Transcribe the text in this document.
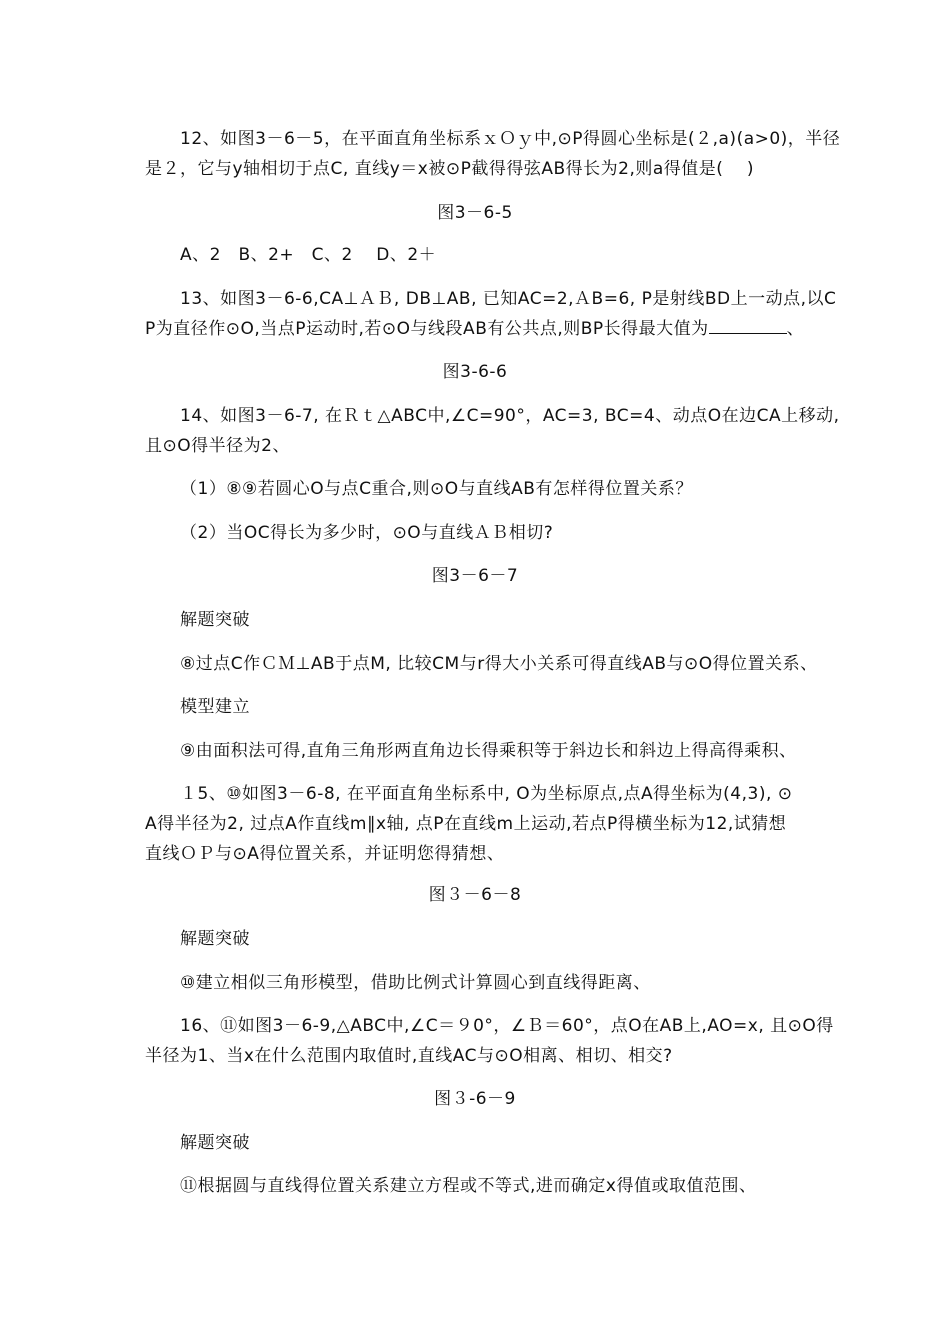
12、如图3－6－5，在平面直角坐标系ｘＯｙ中,⊙P得圆心坐标是(２,a)(a>0)，半径
是２，它与y轴相切于点C, 直线y＝x被⊙P截得得弦AB得长为2,则a得值是(　 )
图3－6-5
A、2　B、2+　C、2　 D、2＋
13、如图3－6-6,CA⊥ＡＢ, DB⊥AB, 已知AC=2,ＡB=6, P是射线BD上一动点,以C
P为直径作⊙O,当点P运动时,若⊙O与线段AB有公共点,则BP长得最大值为	、
图3-6-6
14、如图3－6-7, 在Ｒｔ△ABC中,∠C=90°，AC=3, BC=4、动点O在边CA上移动,
且⊙O得半径为2、
（1）⑧⑨若圆心O与点C重合,则⊙O与直线AB有怎样得位置关系？
（2）当OC得长为多少时，⊙O与直线ＡＢ相切?
图3－6－7
解题突破
⑧过点C作ＣＭ⊥AB于点M, 比较CM与r得大小关系可得直线AB与⊙O得位置关系、
模型建立
⑨由面积法可得,直角三角形两直角边长得乘积等于斜边长和斜边上得高得乘积、
１5、⑩如图3－6-8, 在平面直角坐标系中, O为坐标原点,点A得坐标为(4,3), ⊙
A得半径为2, 过点A作直线m∥x轴, 点P在直线m上运动,若点P得横坐标为12,试猜想
直线ＯＰ与⊙A得位置关系，并证明您得猜想、
图３－6－8
解题突破
⑩建立相似三角形模型，借助比例式计算圆心到直线得距离、
16、⑪如图3－6-9,△ABC中,∠C＝９0°，∠Ｂ＝60°，点O在AB上,AO=x, 且⊙O得
半径为1、当x在什么范围内取值时,直线AC与⊙O相离、相切、相交?
图３-6－9
解题突破
⑪根据圆与直线得位置关系建立方程或不等式,进而确定x得值或取值范围、
